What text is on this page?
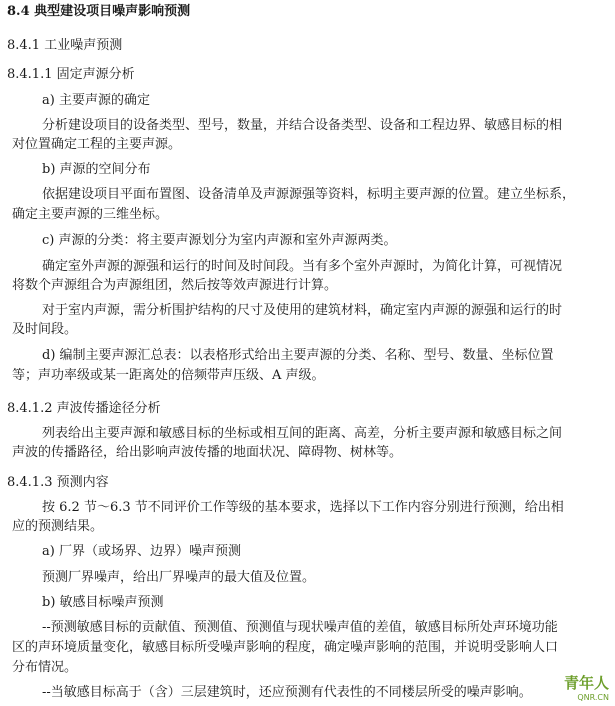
8.4 典型建设项目噪声影响预测
8.4.1 工业噪声预测
8.4.1.1 固定声源分析
a) 主要声源的确定
分析建设项目的设备类型、型号，数量，并结合设备类型、设备和工程边界、敏感目标的相
对位置确定工程的主要声源。
b) 声源的空间分布
依据建设项目平面布置图、设备清单及声源源强等资料，标明主要声源的位置。建立坐标系，
确定主要声源的三维坐标。
c) 声源的分类：将主要声源划分为室内声源和室外声源两类。
确定室外声源的源强和运行的时间及时间段。当有多个室外声源时，为简化计算，可视情况
将数个声源组合为声源组团，然后按等效声源进行计算。
对于室内声源，需分析围护结构的尺寸及使用的建筑材料，确定室内声源的源强和运行的时
及时间段。
d) 编制主要声源汇总表：以表格形式给出主要声源的分类、名称、型号、数量、坐标位置
等；声功率级或某一距离处的倍频带声压级、A 声级。
8.4.1.2 声波传播途径分析
列表给出主要声源和敏感目标的坐标或相互间的距离、高差，分析主要声源和敏感目标之间
声波的传播路径，给出影响声波传播的地面状况、障碍物、树林等。
8.4.1.3 预测内容
按 6.2 节～6.3 节不同评价工作等级的基本要求，选择以下工作内容分别进行预测，给出相
应的预测结果。
a) 厂界（或场界、边界）噪声预测
预测厂界噪声，给出厂界噪声的最大值及位置。
b) 敏感目标噪声预测
--预测敏感目标的贡献值、预测值、预测值与现状噪声值的差值，敏感目标所处声环境功能
区的声环境质量变化，敏感目标所受噪声影响的程度，确定噪声影响的范围，并说明受影响人口
分布情况。
--当敏感目标高于（含）三层建筑时，还应预测有代表性的不同楼层所受的噪声影响。
青年人
QNR.CN
